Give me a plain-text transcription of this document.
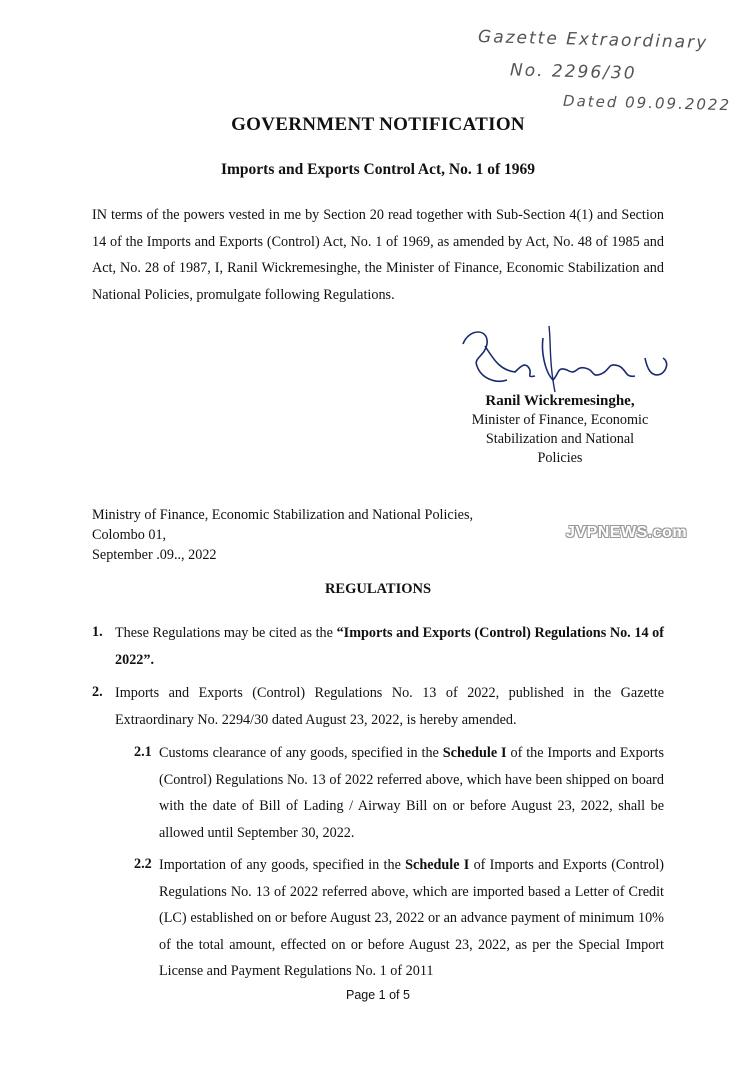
Gazette Extraordinary
No. 2296/30
Dated 09.09.2022
GOVERNMENT NOTIFICATION
Imports and Exports Control Act, No. 1 of 1969
IN terms of the powers vested in me by Section 20 read together with Sub-Section 4(1) and Section 14 of the Imports and Exports (Control) Act, No. 1 of 1969, as amended by Act, No. 48 of 1985 and Act, No. 28 of 1987, I, Ranil Wickremesinghe, the Minister of Finance, Economic Stabilization and National Policies, promulgate following Regulations.
Ranil Wickremesinghe,
Minister of Finance, Economic
Stabilization and National
Policies
Ministry of Finance, Economic Stabilization and National Policies,
Colombo 01,
September .09.., 2022
JVPNEWS.com
REGULATIONS
1. These Regulations may be cited as the “Imports and Exports (Control) Regulations No. 14 of 2022”.
2. Imports and Exports (Control) Regulations No. 13 of 2022, published in the Gazette Extraordinary No. 2294/30 dated August 23, 2022, is hereby amended.
2.1 Customs clearance of any goods, specified in the Schedule I of the Imports and Exports (Control) Regulations No. 13 of 2022 referred above, which have been shipped on board with the date of Bill of Lading / Airway Bill on or before August 23, 2022, shall be allowed until September 30, 2022.
2.2 Importation of any goods, specified in the Schedule I of Imports and Exports (Control) Regulations No. 13 of 2022 referred above, which are imported based a Letter of Credit (LC) established on or before August 23, 2022 or an advance payment of minimum 10% of the total amount, effected on or before August 23, 2022, as per the Special Import License and Payment Regulations No. 1 of 2011
Page 1 of 5
